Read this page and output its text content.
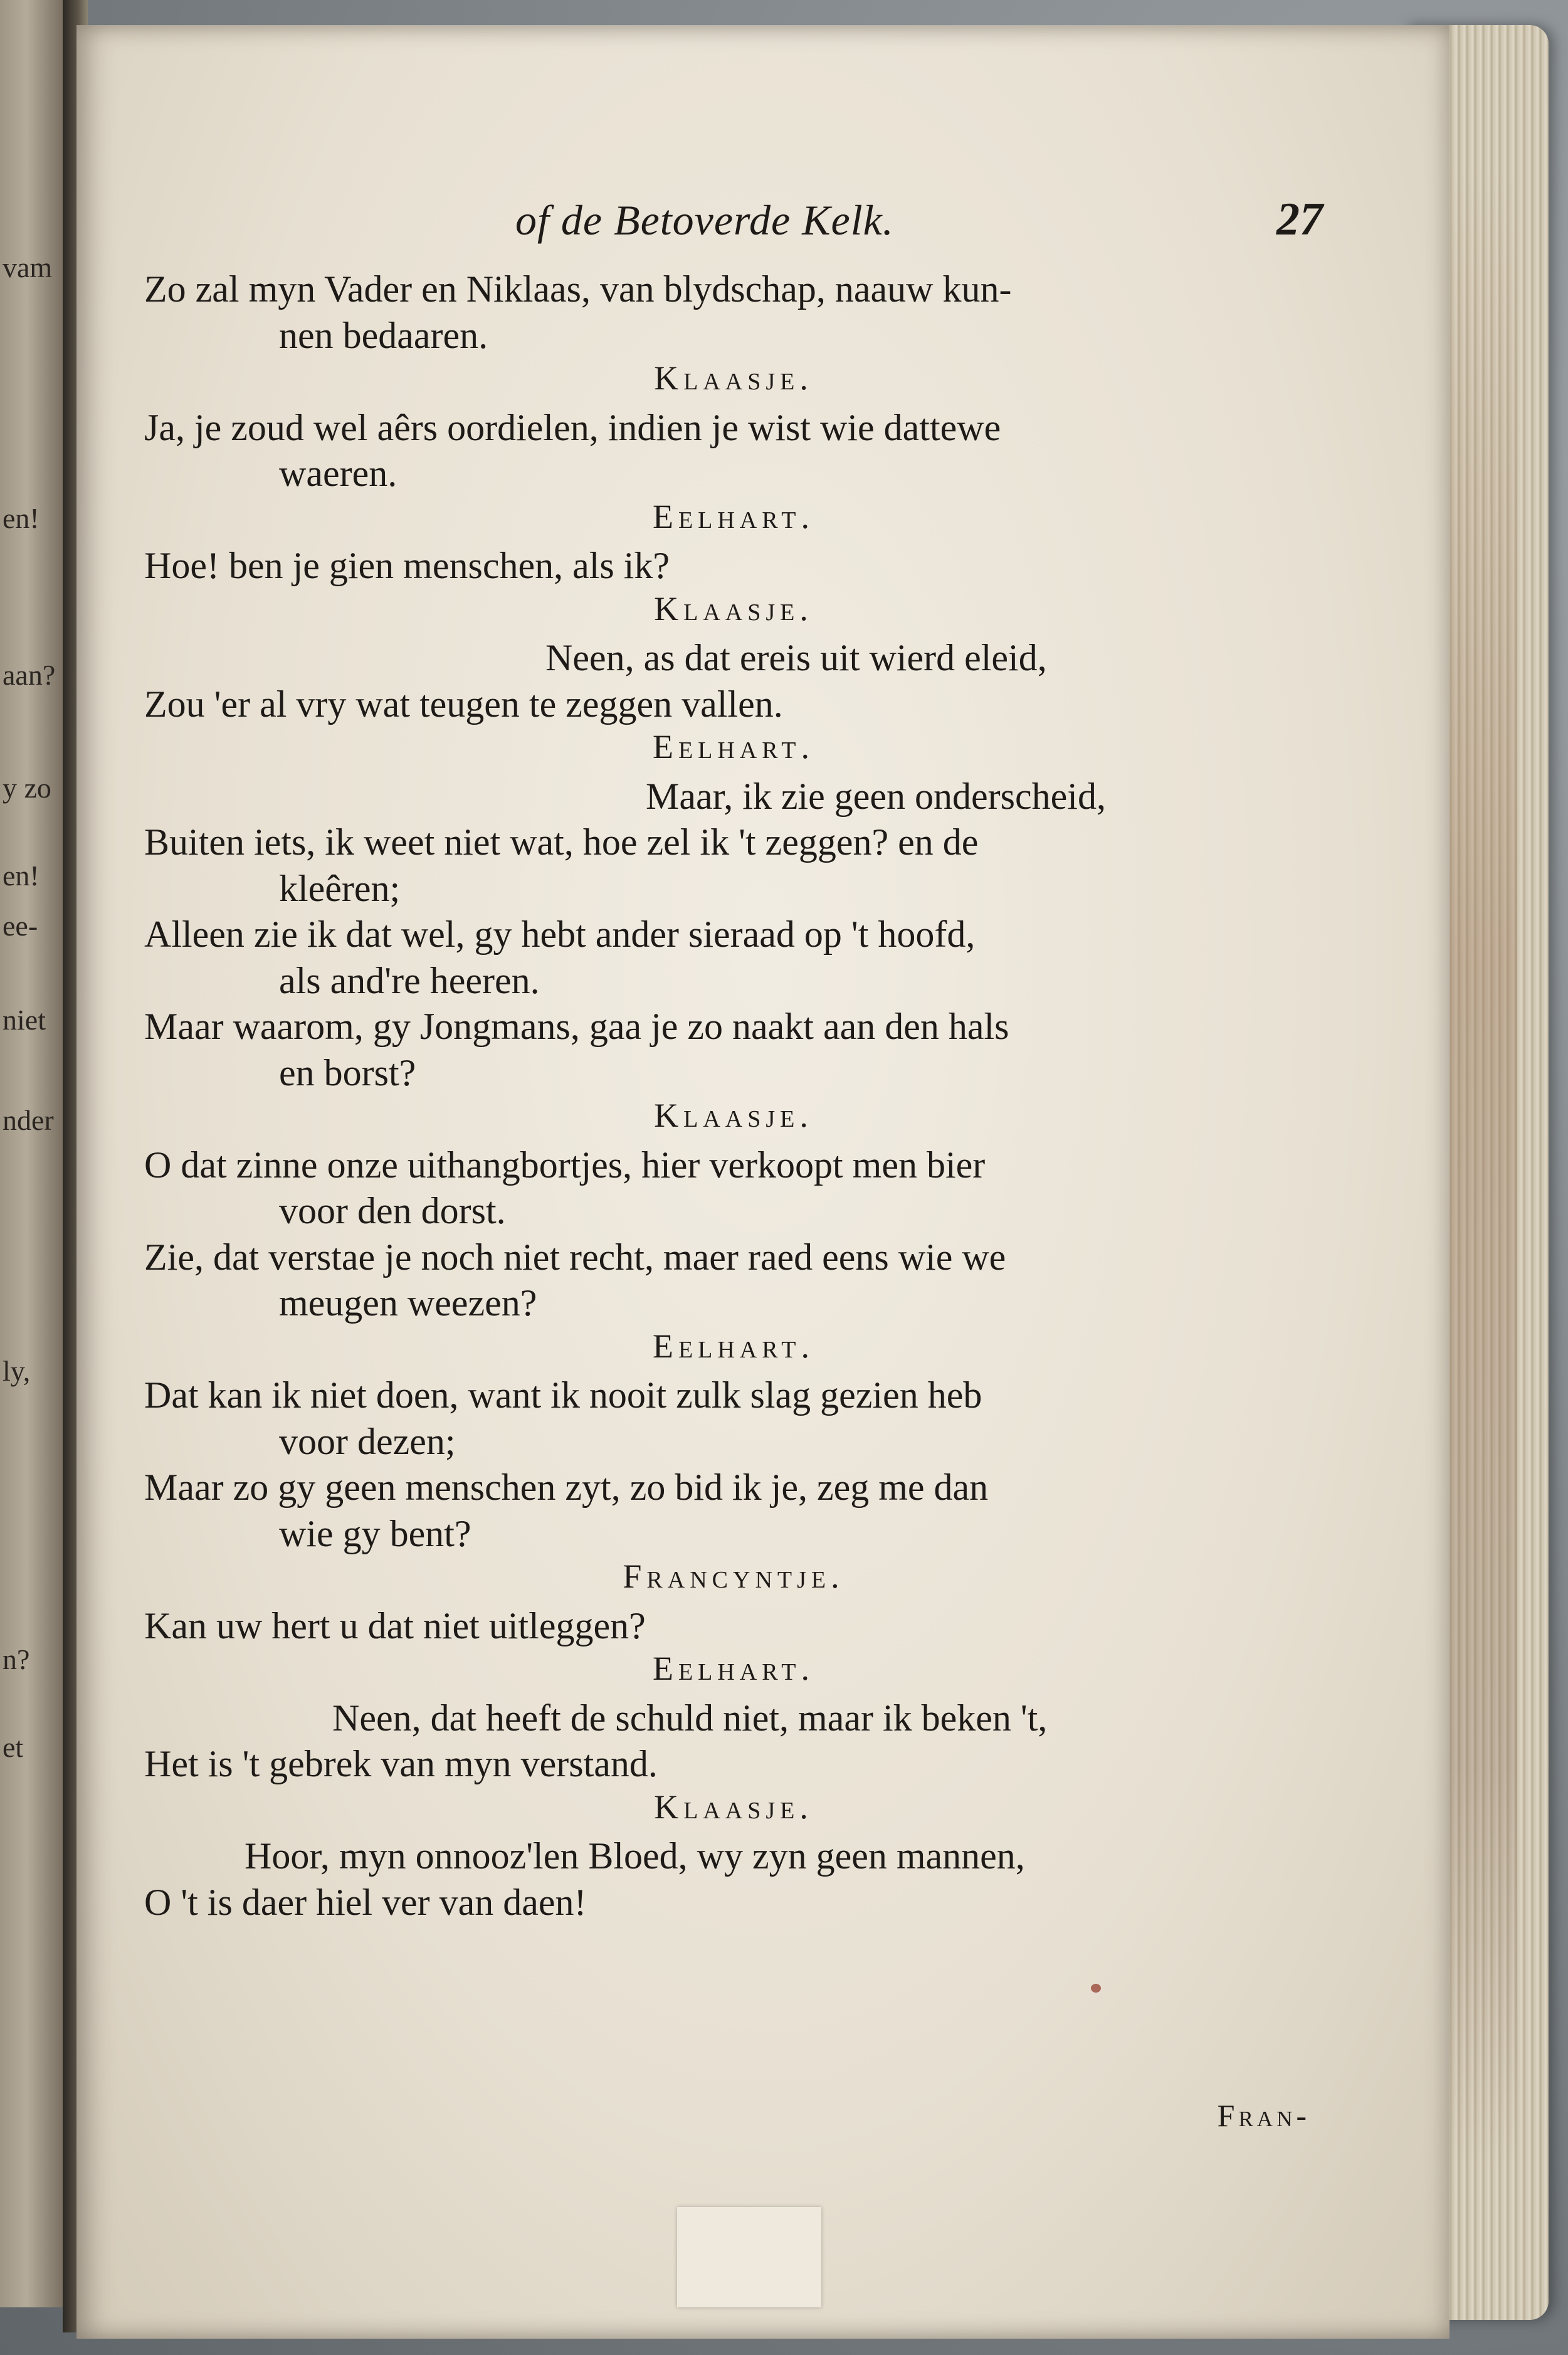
of de Betoverde Kelk.	27
Zo zal myn Vader en Niklaas, van blydschap, naauw kun-
nen bedaaren.
Klaasje.
Ja, je zoud wel aêrs oordielen, indien je wist wie dattewe
waeren.
Eelhart.
Hoe! ben je gien menschen, als ik?
Klaasje.
Neen, as dat ereis uit wierd eleid,
Zou 'er al vry wat teugen te zeggen vallen.
Eelhart.
Maar, ik zie geen onderscheid,
Buiten iets, ik weet niet wat, hoe zel ik 't zeggen? en de
kleêren;
Alleen zie ik dat wel, gy hebt ander sieraad op 't hoofd,
als and're heeren.
Maar waarom, gy Jongmans, gaa je zo naakt aan den hals
en borst?
Klaasje.
O dat zinne onze uithangbortjes, hier verkoopt men bier
voor den dorst.
Zie, dat verstae je noch niet recht, maer raed eens wie we
meugen weezen?
Eelhart.
Dat kan ik niet doen, want ik nooit zulk slag gezien heb
voor dezen;
Maar zo gy geen menschen zyt, zo bid ik je, zeg me dan
wie gy bent?
Francyntje.
Kan uw hert u dat niet uitleggen?
Eelhart.
Neen, dat heeft de schuld niet, maar ik beken 't,
Het is 't gebrek van myn verstand.
Klaasje.
Hoor, myn onnooz'len Bloed, wy zyn geen mannen,
O 't is daer hiel ver van daen!
Fran-
vam
en!
aan?
y zo
en!
ee-
niet
nder
ly,
n?
et
